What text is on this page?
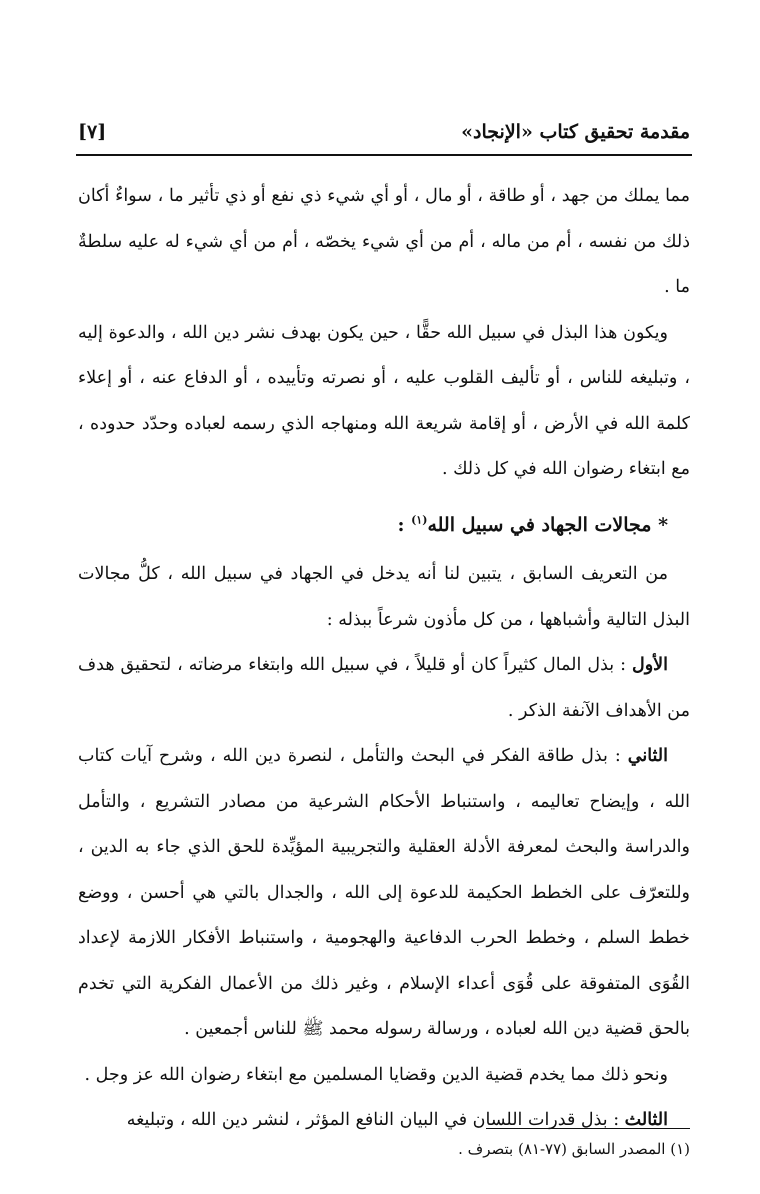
مقدمة تحقيق كتاب «الإنجاد»
[٧]

مما يملك من جهد ، أو طاقة ، أو مال ، أو أي شيء ذي نفع أو ذي تأثير ما ، سواءٌ أكان ذلك من نفسه ، أم من ماله ، أم من أي شيء يخصّه ، أم من أي شيء له عليه سلطةٌ ما .

ويكون هذا البذل في سبيل الله حقًّا ، حين يكون بهدف نشر دين الله ، والدعوة إليه ، وتبليغه للناس ، أو تأليف القلوب عليه ، أو نصرته وتأييده ، أو الدفاع عنه ، أو إعلاء كلمة الله في الأرض ، أو إقامة شريعة الله ومنهاجه الذي رسمه لعباده وحدّد حدوده ، مع ابتغاء رضوان الله في كل ذلك .

* مجالات الجهاد في سبيل الله$^{(١)}$ :

من التعريف السابق ، يتبين لنا أنه يدخل في الجهاد في سبيل الله ، كلُّ مجالات البذل التالية وأشباهها ، من كل مأذون شرعاً ببذله :

الأول : بذل المال كثيراً كان أو قليلاً ، في سبيل الله وابتغاء مرضاته ، لتحقيق هدف من الأهداف الآنفة الذكر .

الثاني : بذل طاقة الفكر في البحث والتأمل ، لنصرة دين الله ، وشرح آيات كتاب الله ، وإيضاح تعاليمه ، واستنباط الأحكام الشرعية من مصادر التشريع ، والتأمل والدراسة والبحث لمعرفة الأدلة العقلية والتجريبية المؤيِّدة للحق الذي جاء به الدين ، وللتعرّف على الخطط الحكيمة للدعوة إلى الله ، والجدال بالتي هي أحسن ، ووضع خطط السلم ، وخطط الحرب الدفاعية والهجومية ، واستنباط الأفكار اللازمة لإعداد القُوَى المتفوقة على قُوَى أعداء الإسلام ، وغير ذلك من الأعمال الفكرية التي تخدم بالحق قضية دين الله لعباده ، ورسالة رسوله محمد ﷺ للناس أجمعين .

ونحو ذلك مما يخدم قضية الدين وقضايا المسلمين مع ابتغاء رضوان الله عز وجل .

الثالث : بذل قدرات اللسان في البيان النافع المؤثر ، لنشر دين الله ، وتبليغه

(١) المصدر السابق (٧٧-٨١) بتصرف .
